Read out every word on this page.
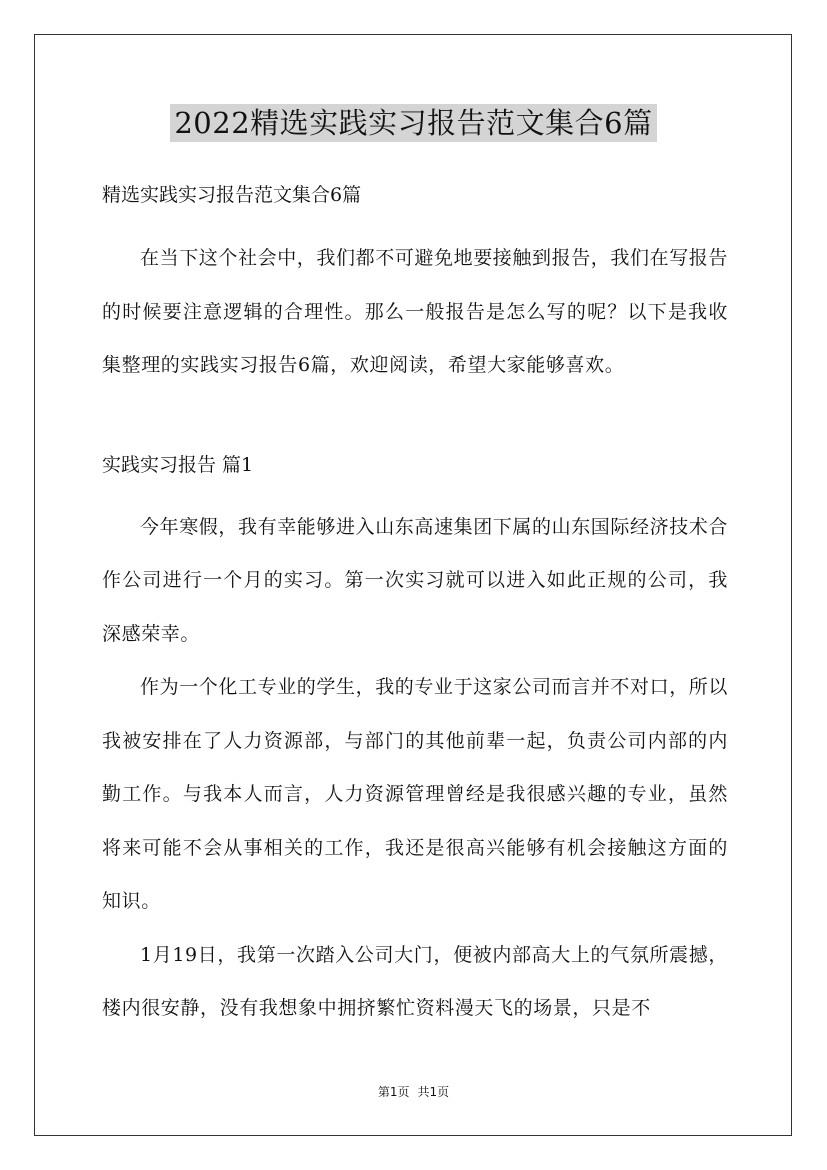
2022精选实践实习报告范文集合6篇

精选实践实习报告范文集合6篇

在当下这个社会中，我们都不可避免地要接触到报告，我们在写报告的时候要注意逻辑的合理性。那么一般报告是怎么写的呢？以下是我收集整理的实践实习报告6篇，欢迎阅读，希望大家能够喜欢。

实践实习报告 篇1

今年寒假，我有幸能够进入山东高速集团下属的山东国际经济技术合作公司进行一个月的实习。第一次实习就可以进入如此正规的公司，我深感荣幸。

作为一个化工专业的学生，我的专业于这家公司而言并不对口，所以我被安排在了人力资源部，与部门的其他前辈一起，负责公司内部的内勤工作。与我本人而言，人力资源管理曾经是我很感兴趣的专业，虽然将来可能不会从事相关的工作，我还是很高兴能够有机会接触这方面的知识。

1月19日，我第一次踏入公司大门，便被内部高大上的气氛所震撼，楼内很安静，没有我想象中拥挤繁忙资料漫天飞的场景，只是不

第1页 共1页
